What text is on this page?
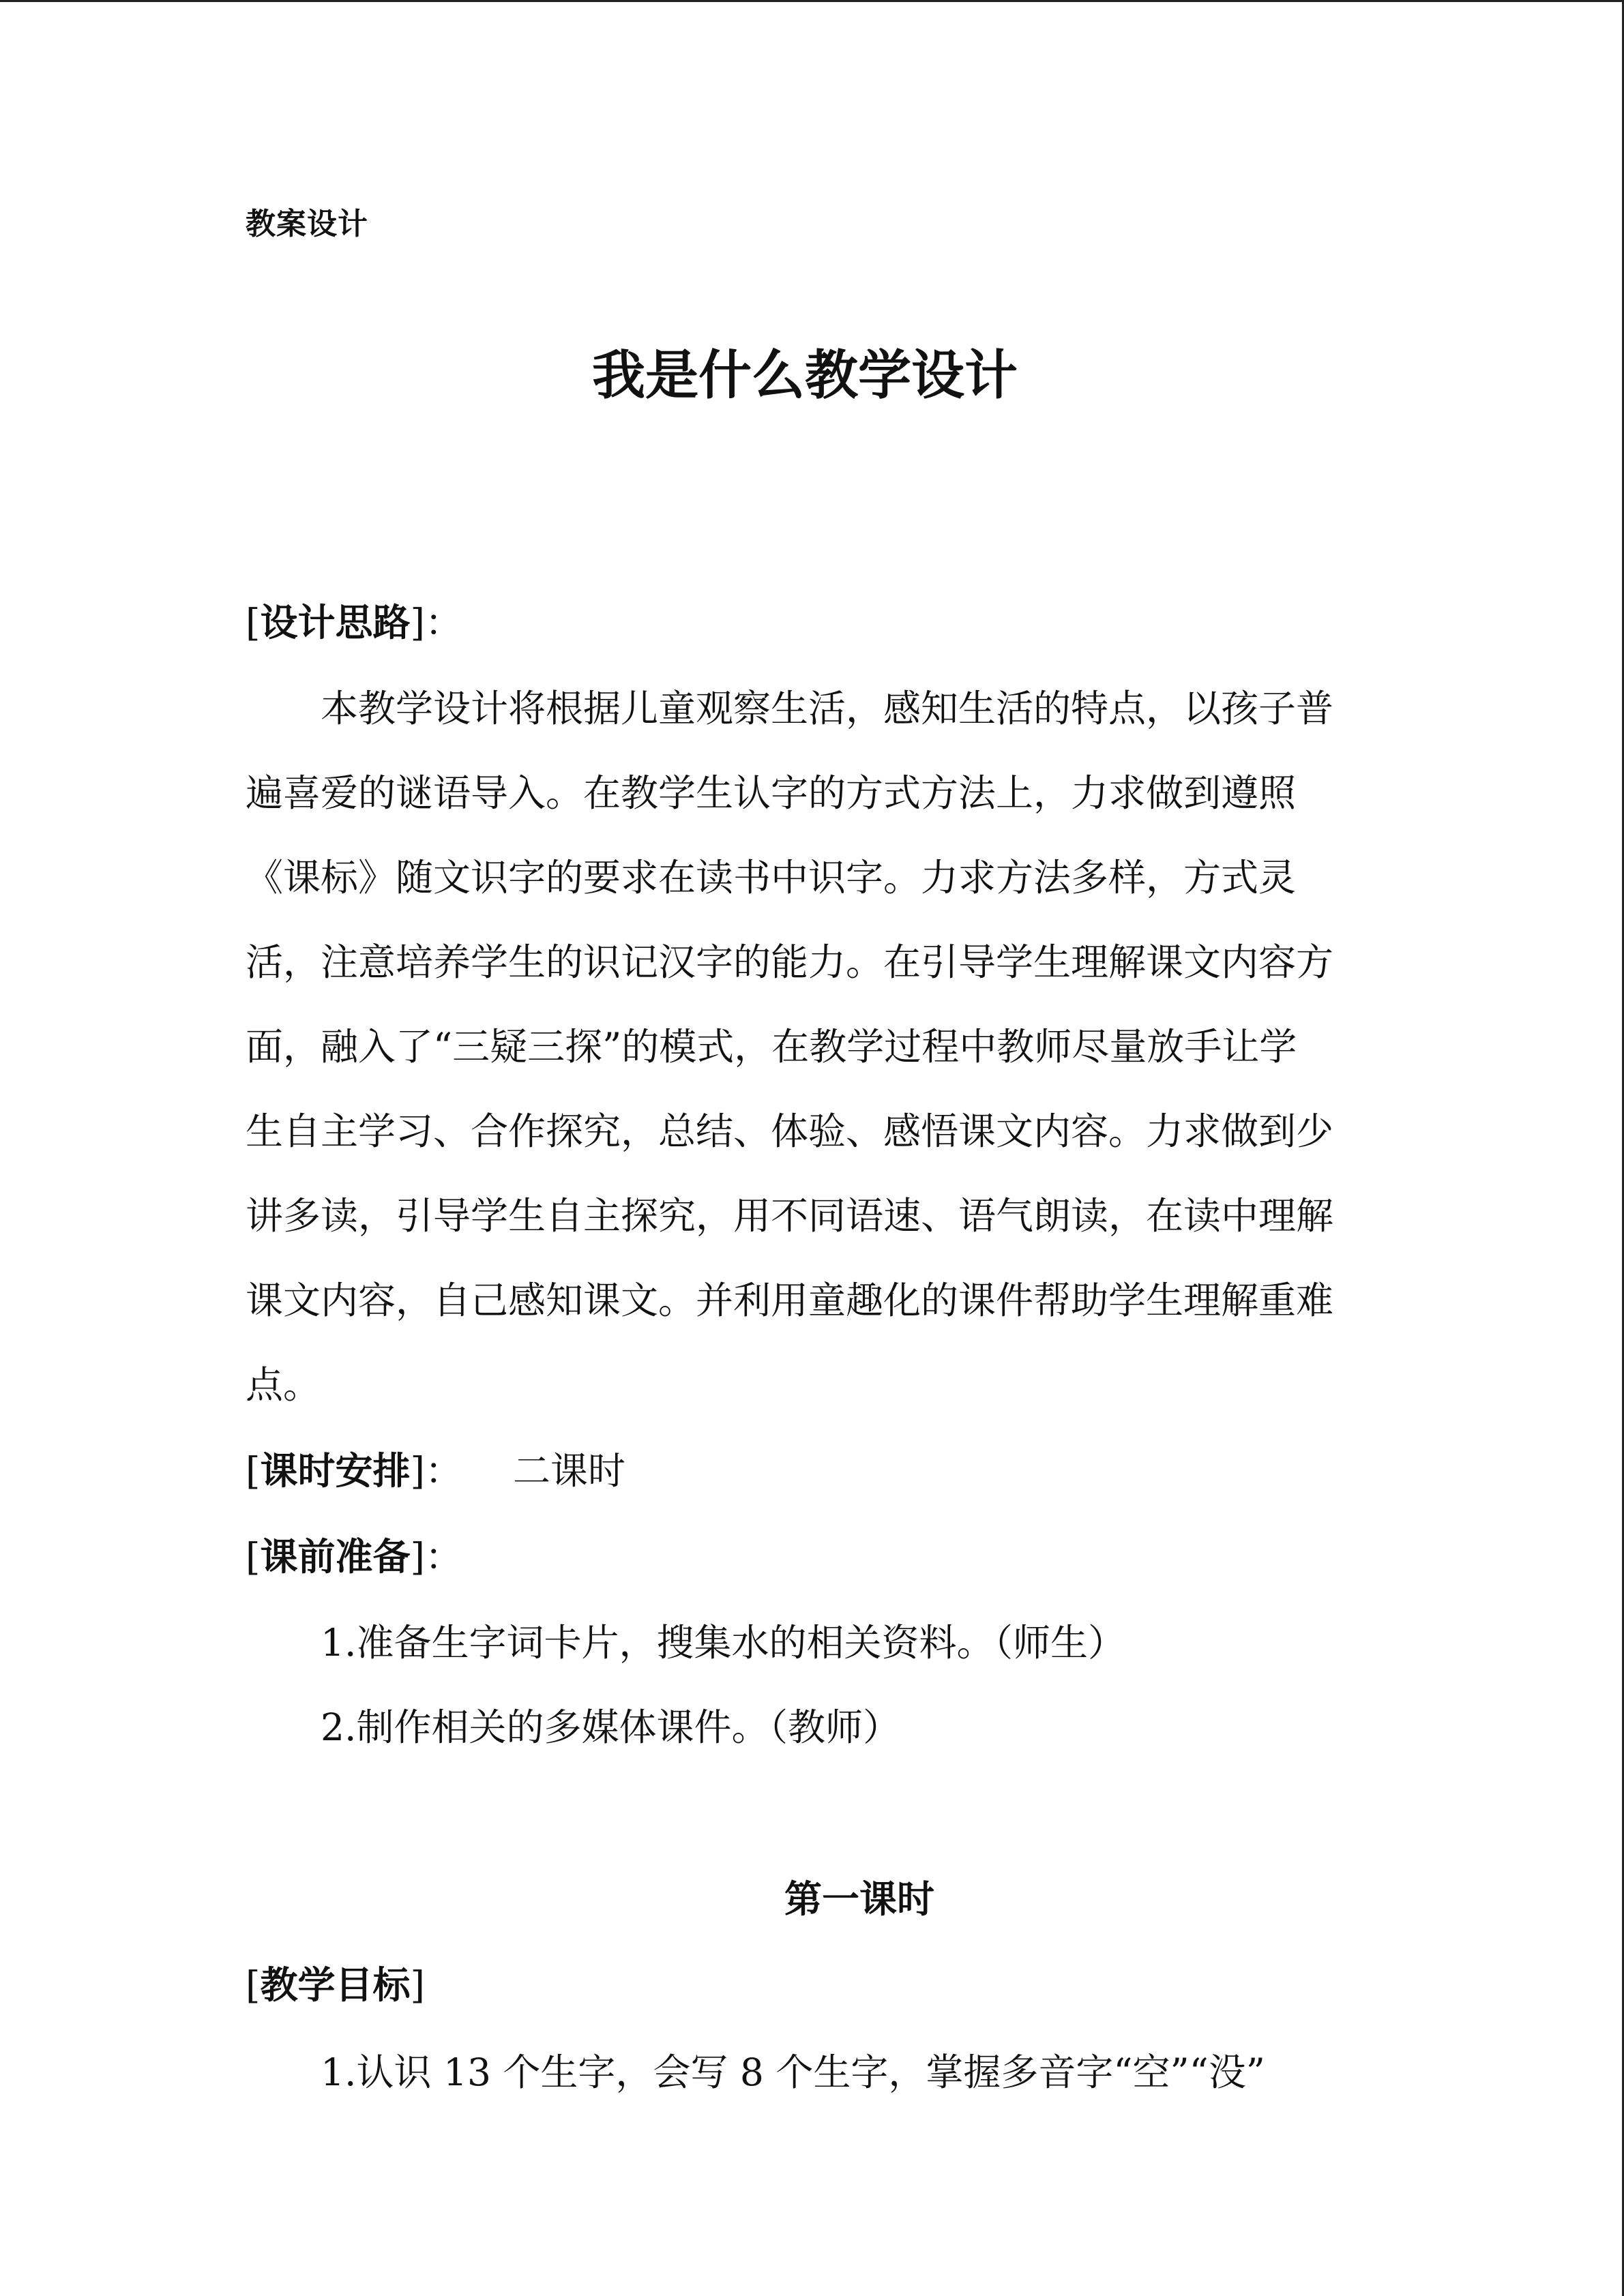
教案设计
我是什么教学设计
[设计思路]：
本教学设计将根据儿童观察生活，感知生活的特点，以孩子普
遍喜爱的谜语导入。在教学生认字的方式方法上，力求做到遵照
《课标》随文识字的要求在读书中识字。力求方法多样，方式灵
活，注意培养学生的识记汉字的能力。在引导学生理解课文内容方
面，融入了“三疑三探”的模式，在教学过程中教师尽量放手让学
生自主学习、合作探究，总结、体验、感悟课文内容。力求做到少
讲多读，引导学生自主探究，用不同语速、语气朗读，在读中理解
课文内容，自己感知课文。并利用童趣化的课件帮助学生理解重难
点。
[课时安排]： 二课时
[课前准备]：
1.准备生字词卡片，搜集水的相关资料。（师生）
2.制作相关的多媒体课件。（教师）
第一课时
[教学目标]
1.认识 13 个生字，会写 8 个生字，掌握多音字“空”“没”
